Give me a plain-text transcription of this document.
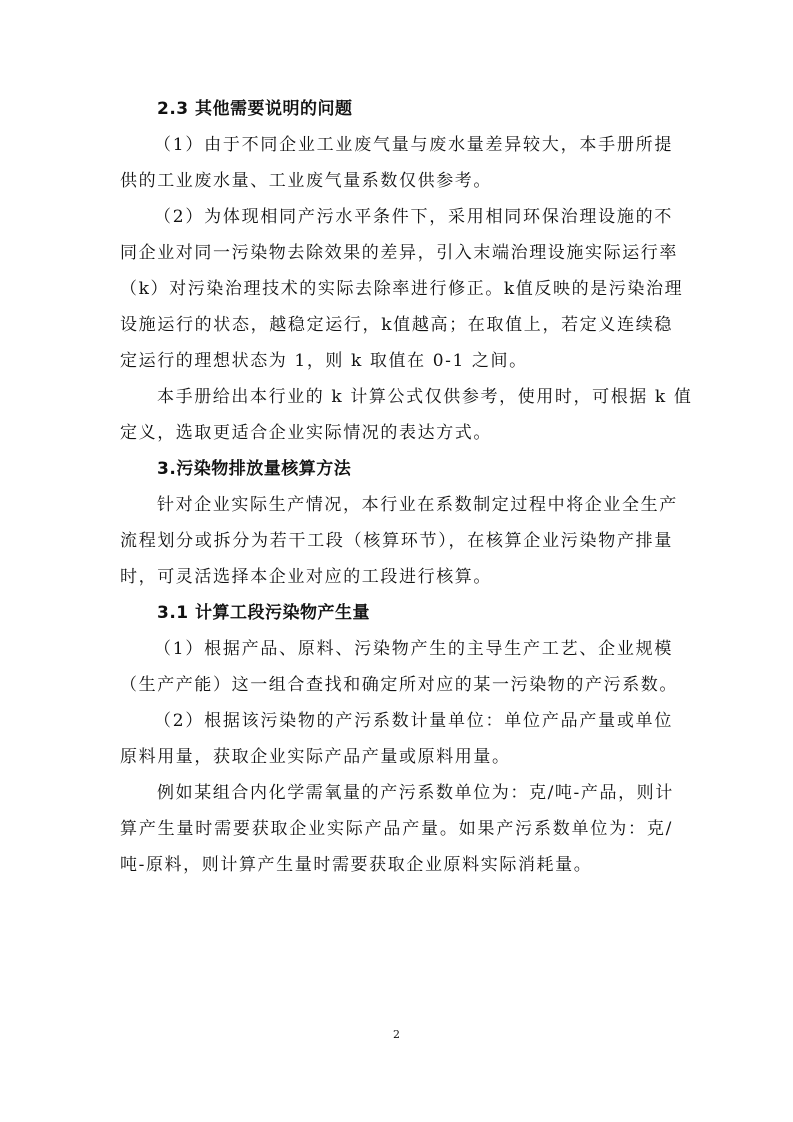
2.3 其他需要说明的问题
（1）由于不同企业工业废气量与废水量差异较大，本手册所提
供的工业废水量、工业废气量系数仅供参考。
（2）为体现相同产污水平条件下，采用相同环保治理设施的不
同企业对同一污染物去除效果的差异，引入末端治理设施实际运行率
（k）对污染治理技术的实际去除率进行修正。k值反映的是污染治理
设施运行的状态，越稳定运行，k值越高；在取值上，若定义连续稳
定运行的理想状态为 1，则 k 取值在 0-1 之间。
本手册给出本行业的 k 计算公式仅供参考，使用时，可根据 k 值
定义，选取更适合企业实际情况的表达方式。
3.污染物排放量核算方法
针对企业实际生产情况，本行业在系数制定过程中将企业全生产
流程划分或拆分为若干工段（核算环节），在核算企业污染物产排量
时，可灵活选择本企业对应的工段进行核算。
3.1 计算工段污染物产生量
（1）根据产品、原料、污染物产生的主导生产工艺、企业规模
（生产产能）这一组合查找和确定所对应的某一污染物的产污系数。
（2）根据该污染物的产污系数计量单位：单位产品产量或单位
原料用量，获取企业实际产品产量或原料用量。
例如某组合内化学需氧量的产污系数单位为：克/吨-产品，则计
算产生量时需要获取企业实际产品产量。如果产污系数单位为：克/
吨-原料，则计算产生量时需要获取企业原料实际消耗量。
2
